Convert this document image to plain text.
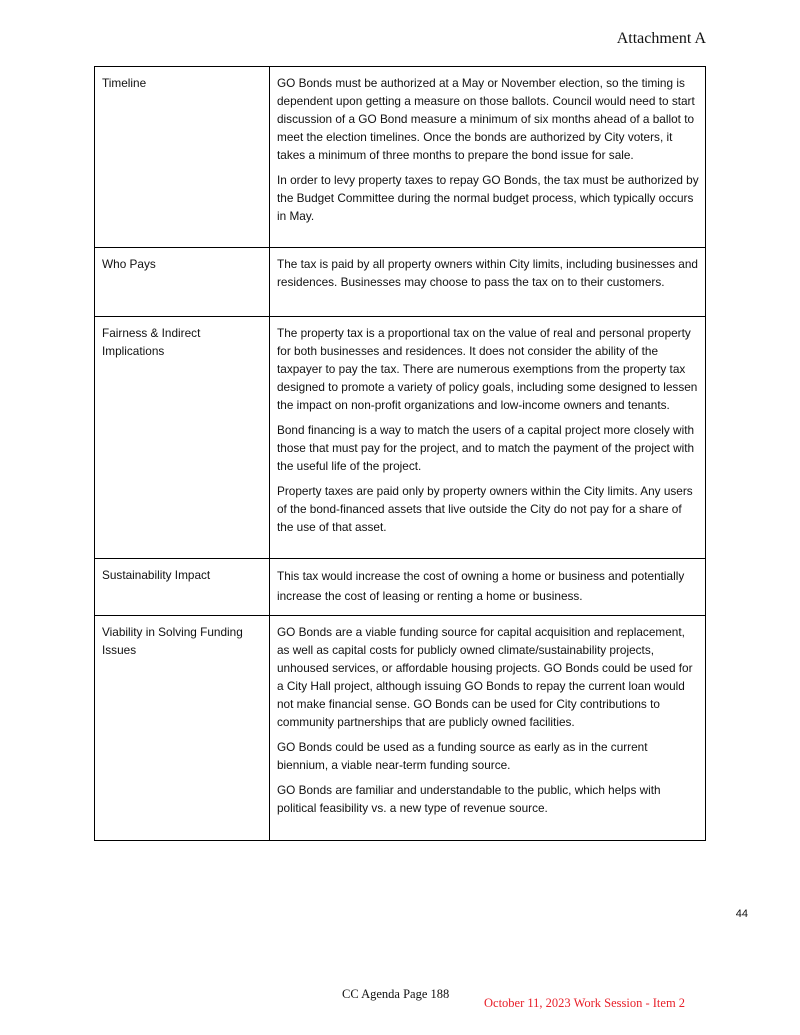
Attachment A
Timeline	GO Bonds must be authorized at a May or November election, so the timing is dependent upon getting a measure on those ballots. Council would need to start discussion of a GO Bond measure a minimum of six months ahead of a ballot to meet the election timelines. Once the bonds are authorized by City voters, it takes a minimum of three months to prepare the bond issue for sale.

In order to levy property taxes to repay GO Bonds, the tax must be authorized by the Budget Committee during the normal budget process, which typically occurs in May.

Who Pays	The tax is paid by all property owners within City limits, including businesses and residences. Businesses may choose to pass the tax on to their customers.

Fairness & Indirect Implications	The property tax is a proportional tax on the value of real and personal property for both businesses and residences. It does not consider the ability of the taxpayer to pay the tax. There are numerous exemptions from the property tax designed to promote a variety of policy goals, including some designed to lessen the impact on non-profit organizations and low-income owners and tenants.

Bond financing is a way to match the users of a capital project more closely with those that must pay for the project, and to match the payment of the project with the useful life of the project.

Property taxes are paid only by property owners within the City limits. Any users of the bond-financed assets that live outside the City do not pay for a share of the use of that asset.

Sustainability Impact	This tax would increase the cost of owning a home or business and potentially increase the cost of leasing or renting a home or business.

Viability in Solving Funding Issues	GO Bonds are a viable funding source for capital acquisition and replacement, as well as capital costs for publicly owned climate/sustainability projects, unhoused services, or affordable housing projects. GO Bonds could be used for a City Hall project, although issuing GO Bonds to repay the current loan would not make financial sense. GO Bonds can be used for City contributions to community partnerships that are publicly owned facilities.

GO Bonds could be used as a funding source as early as in the current biennium, a viable near-term funding source.

GO Bonds are familiar and understandable to the public, which helps with political feasibility vs. a new type of revenue source.

44
CC Agenda Page 188
October 11, 2023 Work Session - Item 2
